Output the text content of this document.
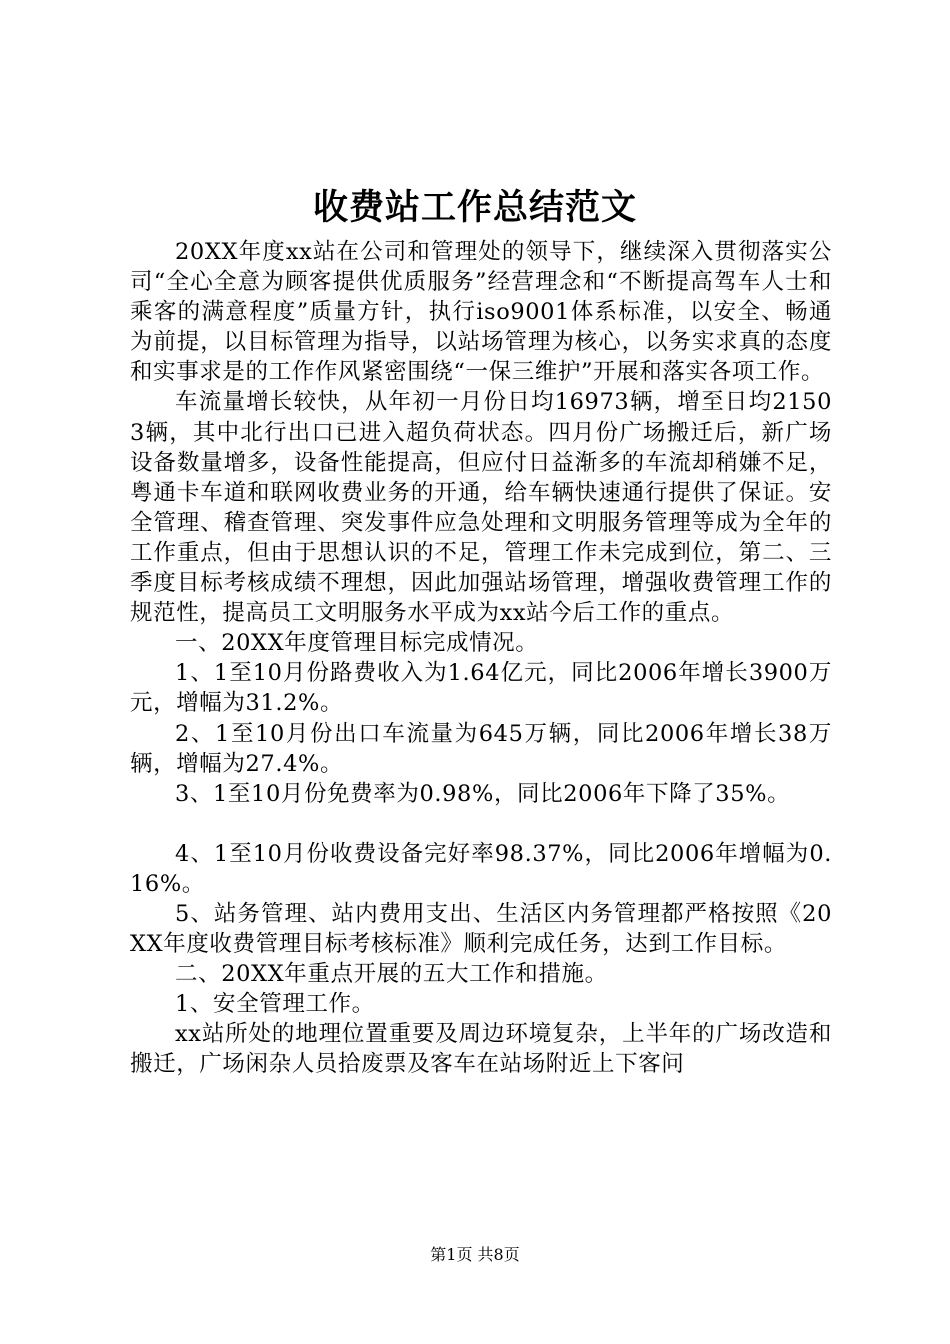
收费站工作总结范文

20XX年度xx站在公司和管理处的领导下，继续深入贯彻落实公司“全心全意为顾客提供优质服务”经营理念和“不断提高驾车人士和乘客的满意程度”质量方针，执行iso9001体系标准，以安全、畅通为前提，以目标管理为指导，以站场管理为核心，以务实求真的态度和实事求是的工作作风紧密围绕“一保三维护”开展和落实各项工作。

车流量增长较快，从年初一月份日均16973辆，增至日均21503辆，其中北行出口已进入超负荷状态。四月份广场搬迁后，新广场设备数量增多，设备性能提高，但应付日益渐多的车流却稍嫌不足，粤通卡车道和联网收费业务的开通，给车辆快速通行提供了保证。安全管理、稽查管理、突发事件应急处理和文明服务管理等成为全年的工作重点，但由于思想认识的不足，管理工作未完成到位，第二、三季度目标考核成绩不理想，因此加强站场管理，增强收费管理工作的规范性，提高员工文明服务水平成为xx站今后工作的重点。

一、20XX年度管理目标完成情况。

1、1至10月份路费收入为1.64亿元，同比2006年增长3900万元，增幅为31.2%。

2、1至10月份出口车流量为645万辆，同比2006年增长38万辆，增幅为27.4%。

3、1至10月份免费率为0.98%，同比2006年下降了35%。

4、1至10月份收费设备完好率98.37%，同比2006年增幅为0.16%。

5、站务管理、站内费用支出、生活区内务管理都严格按照《20XX年度收费管理目标考核标准》顺利完成任务，达到工作目标。

二、20XX年重点开展的五大工作和措施。

1、安全管理工作。

xx站所处的地理位置重要及周边环境复杂，上半年的广场改造和搬迁，广场闲杂人员拾废票及客车在站场附近上下客问

第1页 共8页
